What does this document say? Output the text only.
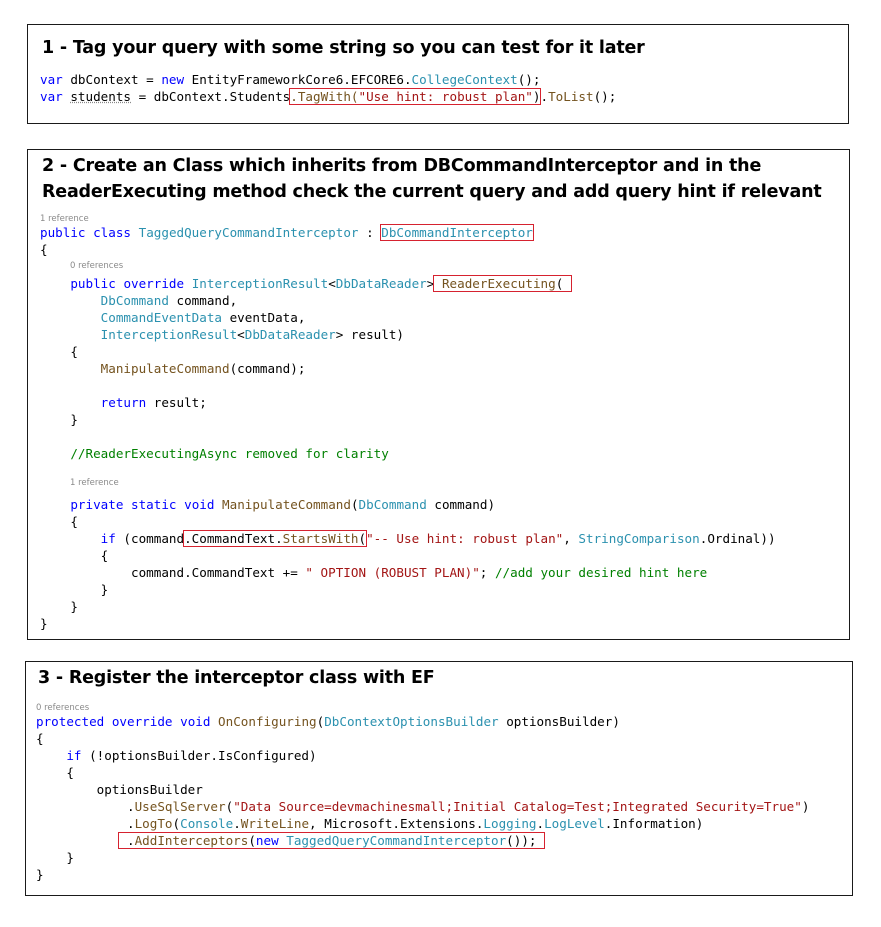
1 - Tag your query with some string so you can test for it later
var dbContext = new EntityFrameworkCore6.EFCORE6.CollegeContext();
var students = dbContext.Students.TagWith("Use hint: robust plan").ToList();
2 - Create an Class which inherits from DBCommandInterceptor and in the
ReaderExecuting method check the current query and add query hint if relevant
1 reference
0 references
1 reference
public class TaggedQueryCommandInterceptor : DbCommandInterceptor
{

public override InterceptionResult<DbDataReader> ReaderExecuting(
DbCommand command,
CommandEventData eventData,
InterceptionResult<DbDataReader> result)
{
ManipulateCommand(command);

return result;
}

//ReaderExecutingAsync removed for clarity

private static void ManipulateCommand(DbCommand command)
{
if (command.CommandText.StartsWith("-- Use hint: robust plan", StringComparison.Ordinal))
{
command.CommandText += " OPTION (ROBUST PLAN)"; //add your desired hint here
}
}
}
3 - Register the interceptor class with EF
0 references
protected override void OnConfiguring(DbContextOptionsBuilder optionsBuilder)
{
if (!optionsBuilder.IsConfigured)
{
optionsBuilder
.UseSqlServer("Data Source=devmachinesmall;Initial Catalog=Test;Integrated Security=True")
.LogTo(Console.WriteLine, Microsoft.Extensions.Logging.LogLevel.Information)
.AddInterceptors(new TaggedQueryCommandInterceptor());
}
}
